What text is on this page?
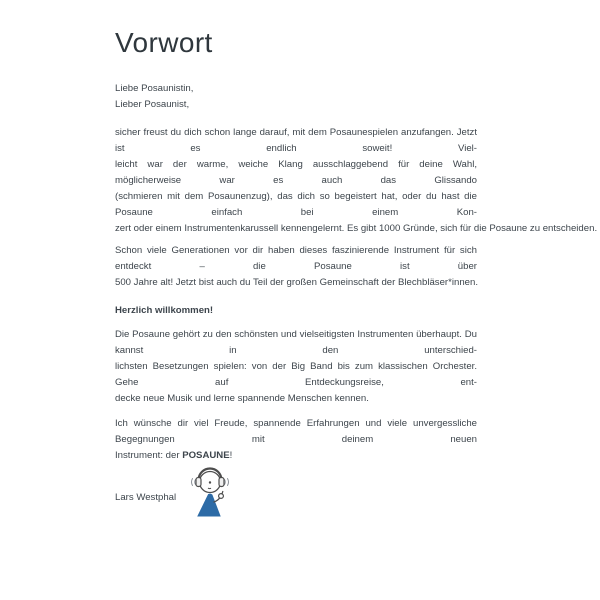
Vorwort
Liebe Posaunistin,
Lieber Posaunist,
sicher freust du dich schon lange darauf, mit dem Posaunespielen anzufangen. Jetzt ist es endlich soweit! Viel-
leicht war der warme, weiche Klang ausschlaggebend für deine Wahl, möglicherweise war es auch das Glissando
(schmieren mit dem Posaunenzug), das dich so begeistert hat, oder du hast die Posaune einfach bei einem Kon-
zert oder einem Instrumentenkarussell kennengelernt. Es gibt 1000 Gründe, sich für die Posaune zu entscheiden.
Schon viele Generationen vor dir haben dieses faszinierende Instrument für sich entdeckt – die Posaune ist über
500 Jahre alt! Jetzt bist auch du Teil der großen Gemeinschaft der Blechbläser*innen.
Herzlich willkommen!
Die Posaune gehört zu den schönsten und vielseitigsten Instrumenten überhaupt. Du kannst in den unterschied-
lichsten Besetzungen spielen: von der Big Band bis zum klassischen Orchester. Gehe auf Entdeckungsreise, ent-
decke neue Musik und lerne spannende Menschen kennen.
Ich wünsche dir viel Freude, spannende Erfahrungen und viele unvergessliche Begegnungen mit deinem neuen
Instrument: der POSAUNE!
Lars Westphal
